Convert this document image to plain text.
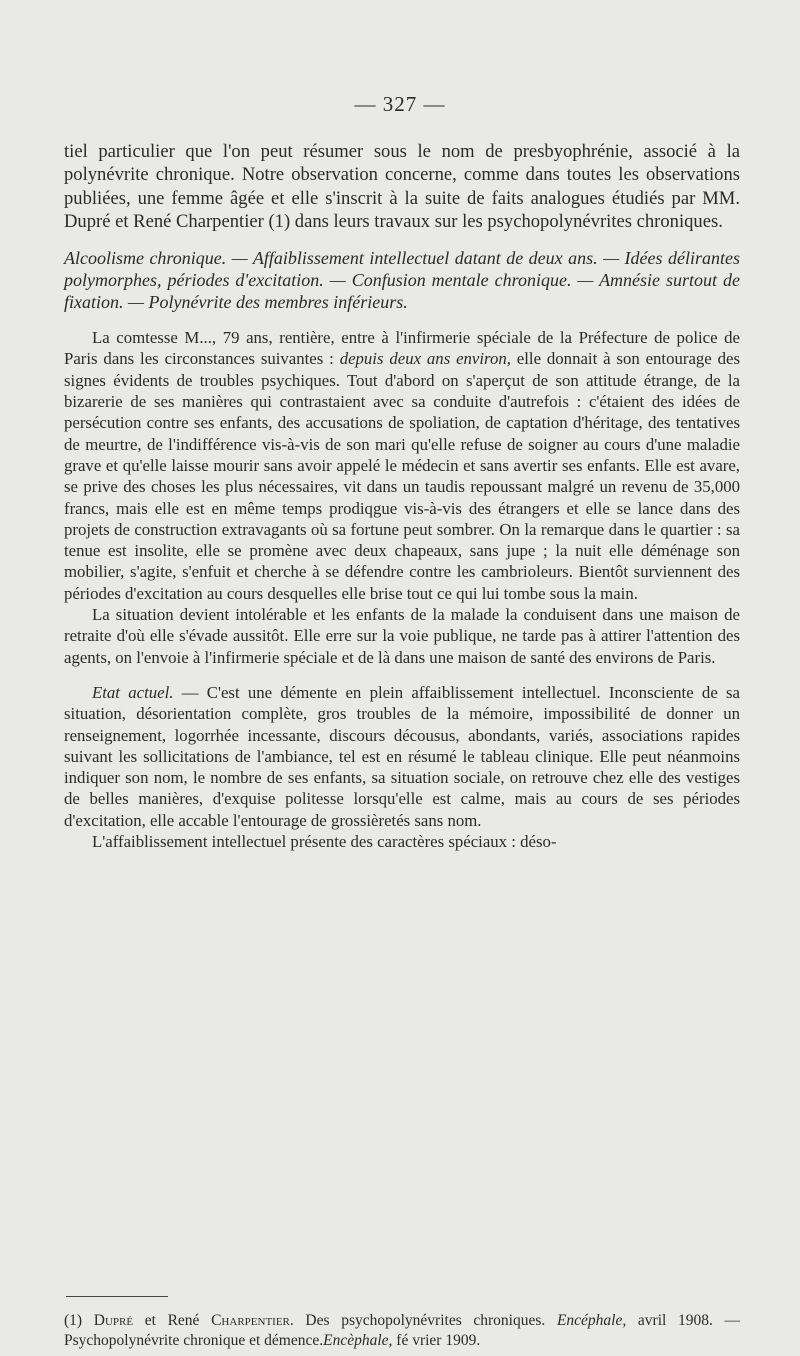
— 327 —

tiel particulier que l'on peut résumer sous le nom de presbyophrénie, associé à la polynévrite chronique. Notre observation concerne, comme dans toutes les observations publiées, une femme âgée et elle s'inscrit à la suite de faits analogues étudiés par MM. Dupré et René Charpentier (1) dans leurs travaux sur les psychopolynévrites chroniques.

Alcoolisme chronique. — Affaiblissement intellectuel datant de deux ans. — Idées délirantes polymorphes, périodes d'excitation. — Confusion mentale chronique. — Amnésie surtout de fixation. — Polynévrite des membres inférieurs.

La comtesse M..., 79 ans, rentière, entre à l'infirmerie spéciale de la Préfecture de police de Paris dans les circonstances suivantes : depuis deux ans environ, elle donnait à son entourage des signes évidents de troubles psychiques. Tout d'abord on s'aperçut de son attitude étrange, de la bizarerie de ses manières qui contrastaient avec sa conduite d'autrefois : c'étaient des idées de persécution contre ses enfants, des accusations de spoliation, de captation d'héritage, des tentatives de meurtre, de l'indifférence vis-à-vis de son mari qu'elle refuse de soigner au cours d'une maladie grave et qu'elle laisse mourir sans avoir appelé le médecin et sans avertir ses enfants. Elle est avare, se prive des choses les plus nécessaires, vit dans un taudis repoussant malgré un revenu de 35,000 francs, mais elle est en même temps prodiqgue vis-à-vis des étrangers et elle se lance dans des projets de construction extravagants où sa fortune peut sombrer. On la remarque dans le quartier : sa tenue est insolite, elle se promène avec deux chapeaux, sans jupe ; la nuit elle déménage son mobilier, s'agite, s'enfuit et cherche à se défendre contre les cambrioleurs. Bientôt surviennent des périodes d'excitation au cours desquelles elle brise tout ce qui lui tombe sous la main.

La situation devient intolérable et les enfants de la malade la conduisent dans une maison de retraite d'où elle s'évade aussitôt. Elle erre sur la voie publique, ne tarde pas à attirer l'attention des agents, on l'envoie à l'infirmerie spéciale et de là dans une maison de santé des environs de Paris.

Etat actuel. — C'est une démente en plein affaiblissement intellectuel. Inconsciente de sa situation, désorientation complète, gros troubles de la mémoire, impossibilité de donner un renseignement, logorrhée incessante, discours décousus, abondants, variés, associations rapides suivant les sollicitations de l'ambiance, tel est en résumé le tableau clinique. Elle peut néanmoins indiquer son nom, le nombre de ses enfants, sa situation sociale, on retrouve chez elle des vestiges de belles manières, d'exquise politesse lorsqu'elle est calme, mais au cours de ses périodes d'excitation, elle accable l'entourage de grossièretés sans nom.

L'affaiblissement intellectuel présente des caractères spéciaux : déso-

(1) Dupré et René Charpentier. Des psychopolynévrites chroniques. Encéphale, avril 1908. — Psychopolynévrite chronique et démence.Encèphale, fé vrier 1909.
